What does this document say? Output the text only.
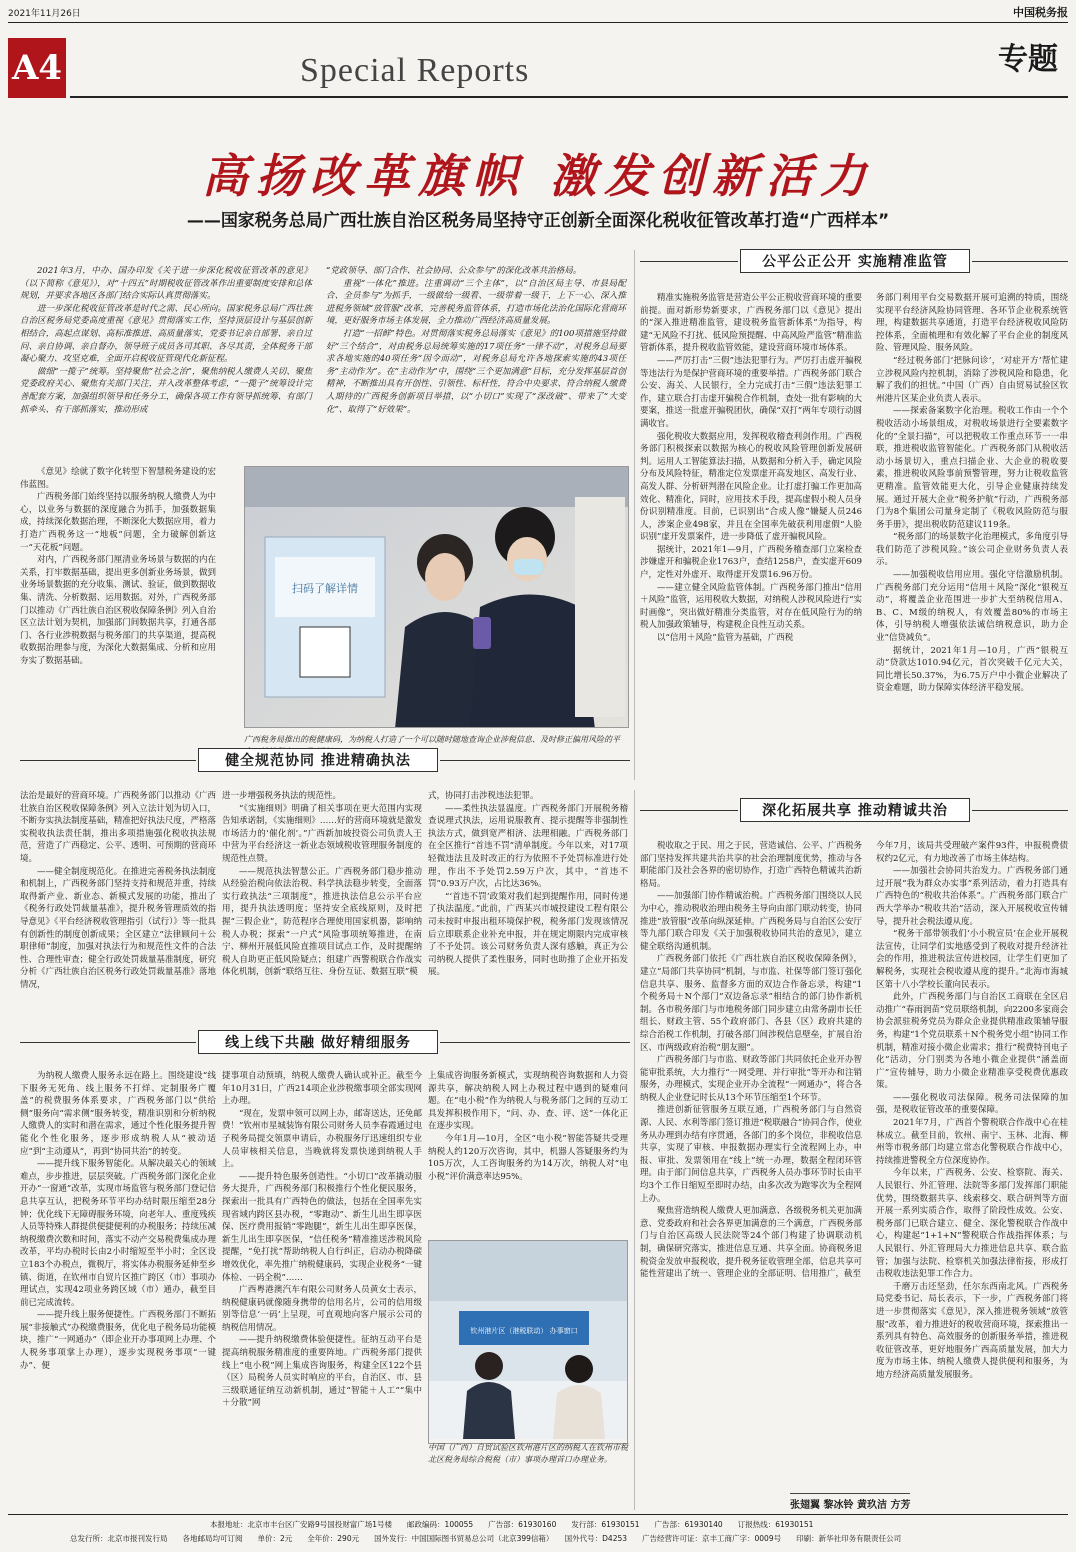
2021年11月26日	中国税务报
A4	Special Reports	专题
高扬改革旗帜 激发创新活力
——国家税务总局广西壮族自治区税务局坚持守正创新全面深化税收征管改革打造“广西样本”

2021年3月，中办、国办印发《关于进一步深化税收征管改革的意见》（以下简称《意见》），对“十四五”时期税收征管改革作出重要制度安排和总体规划，并要求各地区各部门结合实际认真贯彻落实。

进一步深化税收征管改革是时代之需、民心所向。国家税务总局广西壮族自治区税务局党委高度重视《意见》贯彻落实工作，坚持顶层设计与基层创新相结合，高起点谋划、高标准推进、高质量落实，党委书记亲自部署、亲自过问、亲自协调、亲自督办，领导班子成员各司其职、各尽其责，全体税务干部凝心聚力、攻坚克难，全面开启税收征管现代化新征程。

做细“一揽子”统筹。坚持聚焦“社会之治”，聚焦纳税人缴费人关切、聚焦党委政府关心、聚焦有关部门关注，并入改革整体考虑，“一揽子”统筹设计完善配套方案，加强组织领导和任务分工，确保各项工作有领导抓统筹、有部门抓牵头、有干部抓落实，推动形成

“党政领导、部门合作、社会协同、公众参与”的深化改革共治格局。

重视“一体化”推进。注重调动“三个主体”，以“自治区局主导、市县局配合、全员参与”为抓手，一级做给一级看、一级带着一级干，上下一心、深入推进税务领域“放管服”改革，完善税务监管体系，打造市场化法治化国际化营商环境，更好服务市场主体发展，全力推动广西经济高质量发展。

打造“一招鲜”特色。对贯彻落实税务总局落实《意见》的100项措施坚持做好“三个结合”，对由税务总局统筹实施的17项任务“一律不动”，对税务总局要求各地实施的40项任务“因令而动”，对税务总局允许各地探索实施的43项任务“主动作为”。在“主动作为”中，围绕“三个更加满意”目标，充分发挥基层首创精神，不断推出具有开创性、引领性、标杆性，符合中央要求、符合纳税人缴费人期待的广西税务创新项目举措，以“小切口”实现了“深改破”、带来了“大变化”、取得了“好效果”。

公平公正公开 实施精准监管

《意见》绘就了数字化转型下智慧税务建设的宏伟蓝图。

广西税务部门始终坚持以服务纳税人缴费人为中心，以业务与数据的深度融合为抓手，加强数据集成，持续深化数据治理，不断深化大数据应用，着力打造广西税务这一“地板”问题，全力破解创新这一“天花板”问题。

对内，广西税务部门厘清业务场景与数据的内在关系，打牢数据基础，提出更多创新业务场景，做到业务场景数据的充分收集、测试、验证，做到数据收集、清洗、分析数据、运用数据。对外，广西税务部门以推动《广西壮族自治区税收保障条例》列入自治区立法计划为契机，加强部门间数据共享，打通各部门、各行业涉税数据与税务部门的共享渠道，提高税收数据治理参与度，为深化大数据集成、分析和应用夯实了数据基础。

扫码了解详情
广西税务局推出的税健康码，为纳税人打造了一个可以随时随地查询企业涉税信息、及时修正偏用风险的平

精准实施税务监管是营造公平公正税收营商环境的重要前提。面对新形势新要求，广西税务部门以《意见》提出的“深入推进精准监管，建设税务监管新体系”为指导，构建“无风险不打扰、低风险预提醒、中高风险严监管”精准监管新体系，提升税收监管效能，建设营商环境市场体系。

——严厉打击“三假”违法犯罪行为。严厉打击虚开骗税等违法行为是保护营商环境的重要举措。广西税务部门联合公安、海关、人民银行，全力完成打击“三假”违法犯罪工作，建立联合打击虚开骗税合作机制，查处一批有影响的大要案，推送一批虚开骗税团伙，确保“双打”两年专项行动圆满收官。

强化税收大数据应用，发挥税收稽查利剑作用。广西税务部门积极探索以数据为核心的税收风险管理创新发展研判。运用人工智能算法扫描，从数据和分析入手，确定风险分布及风险特征，精准定位发票虚开高发地区、高发行业、高发人群、分析研判潜在风险企业。让打虚打骗工作更加高效化、精准化，同时，应用技术手段，提高虚假小税人员身份识别精准度。目前，已识别出“合成人像”嫌疑人员246人，涉案企业498家，并且在全国率先破获利用虚假“人脸识别”虚开发票案件，进一步降低了虚开骗税风险。

据统计，2021年1—9月，广西税务稽查部门立案检查涉嫌虚开和骗税企业1763户，查结1258户，查实虚开609户，定性对外虚开、取得虚开发票16.96万份。

——建立健全风险监管体制。广西税务部门推出“信用＋风险”监管，运用税收大数据，对纳税人涉税风险进行“实时画像”，突出做好精准分类监管，对存在低风险行为的纳税人加强政策辅导，构建税企良性互动关系。

以“信用＋风险”监管为基础，广西税

务部门利用平台交易数据开展可追溯的特质，围绕实现平台经济风险协同管理、各环节企业税系统管理，构建数据共享通道，打造平台经济税收风险防控体系，全面梳理和有效化解了平台企业的制度风险、管理风险、服务风险。

“经过税务部门‘把脉问诊’，‘对症开方’帮忙建立涉税风险内控机制，消除了涉税风险和隐患，化解了我们的担忧。”中国（广西）自由贸易试验区钦州港片区某企业负责人表示。

——探索备案数字化治理。税收工作由一个个税收活动小场景组成，对税收场景进行全要素数字化的“全景扫描”，可以把税收工作重点环节一一串联，推进税收监管智能化。广西税务部门从税收活动小场景切入，重点扫描企业、大企业的税收要素，推进税收风险事前预警管理，努力让税收监管更精准。监管效能更大化，引导企业健康持续发展。通过开展大企业“税务护航”行动，广西税务部门为8个集团公司量身定制了《税收风险防范与服务手册》，提出税收防范建议119条。

“税务部门的场景数字化治理模式，多角度引导我们防范了涉税风险。”该公司企业财务负责人表示。

——加强税收信用应用。强化守信激励机制。广西税务部门充分运用“信用＋风险”深化“银税互动”，将覆盖企业范围进一步扩大至纳税信用A、B、C、M级的纳税人，有效覆盖80%的市场主体，引导纳税人增强依法诚信纳税意识，助力企业“信贷减负”。

据统计，2021年1月—10月，广西“银税互动”贷款达1010.94亿元，首次突破千亿元大关，同比增长50.37%，为6.75万户中小微企业解决了资金难题，助力保障实体经济平稳发展。

健全规范协同 推进精确执法

法治是最好的营商环境。广西税务部门以推动《广西壮族自治区税收保障条例》列入立法计划为切入口，不断夯实执法制度基础，精准把好执法尺度，严格落实税收执法责任制，推出多项措施强化税收执法规范，营造了广西稳定、公平、透明、可预期的营商环境。

——健全制度规范化。在推进完善税务执法制度和机制上，广西税务部门坚持支持和规范并重，持续取得新产业、新业态、新模式发展的功能，推出了《税务行政处罚裁量基准》，提升税务管理质效的指导意见》《平台经济税收管理指引（试行）》等一批具有创新性的制度创新成果；全区建立“法律顾问＋公职律师”制度，加强对执法行为和规范性文件的合法性、合理性审查；健全行政处罚裁量基准制度，研究分析《广西壮族自治区税务行政处罚裁量基准》落地情况，

进一步增强税务执法的规范性。

“《实施细则》明确了相关事项在更大范围内实现告知承诺制，《实施细则》……好的营商环境就是激发市场活力的‘催化剂’。”广西新加坡投资公司负责人王中营为平台经济这一新业态领域税收管理服务制度的规范性点赞。

——规范执法智慧公正。广西税务部门稳步推动从经验治税向依法治税、科学执法稳步转变，全面落实行政执法“三项制度”，推进执法信息公示平台应用，提升执法透明度；坚持安全底线原则，及时把握“三假企业”，防范程序合理使用国家机器，影响纳税人办税；探索“一户式”风险事项统筹推进，在南宁、柳州开展低风险直推项目试点工作，及时提醒纳税人自助更正低风险疑点；组建广西警税联合作战实体化机制，创新“联络互往、身份互证、数据互联”模

式，协同打击涉税违法犯罪。

——柔性执法显温度。广西税务部门开展税务稽查说理式执法，运用说服教育、提示提醒等非强制性执法方式，做到宽严相济、法理相融。广西税务部门在全区推行“首违不罚”清单制度。今年以来，对17项轻微违法且及时改正的行为依照不予处罚标准进行处理，作出不予处罚2.59万户次，其中，“首违不罚”0.93万户次，占比达36%。

“‘首违不罚’政策对我们起到提醒作用，同时传递了执法温度。”此前，广西某兴市城投建设工程有限公司未按时申报出租环境保护税，税务部门发现该情况后立即联系企业补充申报，并在规定期限内完成审核了不予处罚。该公司财务负责人深有感触，真正为公司纳税人提供了柔性服务，同时也助推了企业开拓发展。

深化拓展共享 推动精诚共治

税收取之于民、用之于民，营造诚信、公平、广西税务部门坚持发挥共建共治共享的社会治理制度优势，推动与各职能部门及社会各界的密切协作，打造广西特色精诚共治新格局。

——加强部门协作精诚治税。广西税务部门围绕以人民为中心，推动税收治理由税务主导向由部门联动转变，协同推进“放管服”改革向纵深延伸。广西税务局与自治区公安厅等九部门联合印发《关于加强税收协同共治的意见》，建立健全联络沟通机制。

广西税务部门依托《广西壮族自治区税收保障条例》，建立“局部门共享协同”机制，与市监、社保等部门签订强化信息共享、服务、监督多方面的双边合作备忘录，构建“1个税务局＋N个部门”双边备忘录”相结合的部门协作新机制。各市税务部门与市地税务部门同步建立由常务副市长任组长、财政主管、55个政府部门、各县（区）政府共建的综合治税工作机制，打破各部门间涉税信息壁垒，扩展自治区、市两级政府治税“朋友圈”。

广西税务部门与市监、财政等部门共同依托企业开办智能审批系统，大力推行“一网受理、并行审批”等开办和注销服务，办理模式，实现企业开办全流程“一网通办”，将合各纳税人企业登记时长从13个环节压缩至1个环节。

推进创新征管服务互联互通，广西税务部门与自然资源、人民、水利等部门签订推进“税联融合”协同合作，使业务从办理到办结有序贯通，各部门的多个岗位，非税收信息共享，实现了审核、申报数据办理实行全流程网上办，申报、审批、发票领用在“线上”统一办理，数据全程闭环管理。由于部门间信息共享，广西税务人员办事环节时长由平均3个工作日缩短至即时办结，由多次改为跑零次为全程网上办。

聚焦营造纳税人缴费人更加满意、各级税务机关更加满意、党委政府和社会各界更加满意的三个满意，广西税务部门与自治区高级人民法院等24个部门构建了协调联动机制，确保研究落实，推进信息互通、共享全面。协商税务退税资金发放申报税收，提升税务征收管理全部，信息共享可能性营建出了统一、管理企业的全部证明、信用推广，截至

今年7月，该局共受理破产案件93件，申报税费债权约2亿元，有力地改善了市场主体结构。

——加强社会协同共治发力。广西税务部门通过开展“我为群众办实事”系列活动，着力打造具有广西特色的“税收共治体系”。广西税务部门联合广西大学举办“税收共治”活动，深入开展税收宣传辅导，提升社会税法遵从度。

“税务干部带领我们‘小小税宣员’在企业开展税法宣传，让同学们实地感受到了税收对提升经济社会的作用，推进税法宣传进校园，让学生们更加了解税务，实现社会税收遵从度的提升。”北海市海城区第十八小学校长董向民表示。

此外，广西税务部门与自治区工商联在全区启动推广“春雨润苗”党员联络机制，向2200多家商会协会派驻税务党员为群众企业提供精准政策辅导服务，构建“1个党员联系＋N个税务党小组”协同工作机制，精准对接小微企业需求；推行“税费特刊电子化”活动，分门别类为各地小微企业提供“涵盖面广”宣传辅导，助力小微企业精准享受税费优惠政策。

——强化税收司法保障。税务司法保障的加强，是税收征管改革的重要保障。

2021年7月，广西首个警税联合作战中心在桂林成立。截至目前，钦州、南宁、玉林、北海、柳州等市税务部门均建立常态化警税联合作战中心，持续推进警税全方位深度协作。

今年以来，广西税务、公安、检察院、海关、人民银行、外汇管理、法院等多部门发挥部门职能优势，围绕数据共享、线索移交、联合研判等方面开展一系列实质合作，取得了阶段性成效。公安、税务部门已联合建立、健全、深化警税联合作战中心，构建起“1+1+N”警税联合作战指挥体系；与人民银行、外汇管理局大力推进信息共享、联合监管；加强与法院、检察机关加强法律衔接，形成打击税收违法犯罪工作合力。

千磨万击还坚劲，任尔东西南北风。广西税务局党委书记、局长表示，下一步，广西税务部门将进一步贯彻落实《意见》，深入推进税务领域“放管服”改革，着力推进好的税收营商环境，探索推出一系列具有特色、高效服务的创新服务举措，推进税收征管改革，更好地服务广西高质量发展，加大力度为市场主体、纳税人缴费人提供便利和服务，为地方经济高质量发展服务。

线上线下共融 做好精细服务

为纳税人缴费人服务永远在路上。围绕建设“线下服务无死角、线上服务不打烊、定制服务广覆盖”的税费服务体系要求，广西税务部门以“供给侧”服务向“需求侧”服务转变，精准识别和分析纳税人缴费人的实时和潜在需求，通过个性化服务提升智能化个性化服务，逐步形成纳税人从“被动适应”到“主动遵从”，再到“协同共治”的转变。

——提升线下服务智能化。从解决最关心的领域难点，步步推进，层层突破。广西税务部门深化企业开办“一窗通”改革，实现市场监管与税务部门登记信息共享互认，把税务环节平均办结时限压缩至28分钟；优化线下无障碍服务环境，向老年人、重度残疾人员等特殊人群提供便捷便利的办税服务；持续压减纳税缴费次数和时间，落实不动产交易税费集成办理改革，平均办税时长由2小时缩短至半小时；全区设立183个办税点，微税厅，将实体办税服务延伸至乡镇、街道，在钦州市自贸片区推广跨区（市）事项办理试点，实现42项业务跨区域（市）通办，截至目前已完成流转。

——提升线上服务便捷性。广西税务部门不断拓展“非接触式”办税缴费服务，优化电子税务局功能模块，推广“一网通办”（即企业开办事项网上办理、个人税务事项掌上办理），逐步实现税务事项“一键办”、便

捷事项自动预填，纳税人缴费人确认或补正。截至今年10月31日，广西214项企业涉税缴事项全部实现网上办理。

“现在，发票申领可以网上办，邮寄送达，还免邮费！”钦州市星城装饰有限公司财务人员李春霞通过电子税务局提交领票申请后，办税服务厅迅速组织专业人员审核相关信息，当晚就将发票快递到纳税人手上。

——提升特色服务创造性。“小切口”改革撬动服务大提升，广西税务部门积极推行个性化便民服务，探索出一批具有广西特色的做法，包括在全国率先实现省域内跨区县办税，“零跑动”、新生儿出生即享医保、医疗费用报销“零跑腿”，新生儿出生即享医保，新生儿出生即享医保，“信任税务”精准推送涉税风险提醒，“免打扰”帮助纳税人自行纠正，启动办税降碳增效优化，率先推广纳税健康码，实现企业税务“一键体检、一码全税”……

广西粤港澳汽车有限公司财务人员黄女士表示，纳税健康码就像随身携带的信用名片，公司的信用级别等信息‘一码’上呈现，可直观地向客户展示公司的纳税信用情况。

——提升纳税缴费体验便捷性。征纳互动平台是提高纳税服务精准度的重要阵地。广西税务部门提供线上“电小税”网上集成咨询服务，构建全区122个县（区）局税务人员实时响应的平台，自治区、市、县三级联通征纳互动新机制，通过“智能＋人工”“集中＋分散”网

上集成咨询服务新模式，实现纳税咨询数据和人力资源共享，解决纳税人网上办税过程中遇到的疑难问题。在“电小税”作为纳税人与税务部门之间的互动工具发挥积极作用下，“问、办、查、评、送”一体化正在逐步实现。

今年1月—10月，全区“电小税”智能答疑共受理纳税人约120万次咨询，其中，机器人答疑服务约为105万次，人工咨询服务约为14万次，纳税人对“电小税”评价满意率达95%。

钦州港片区（港税联动） 办事窗口
中国（广西）自贸试验区钦州港片区的纳税人在钦州市税北区税务局综合税税（市）事项办理首口办理业务。
张翅翼 黎冰铃 黄玖洁 方芳
本报地址：北京市丰台区广安路9号国投财富广场1号楼　　邮政编码：100055　　广告部：61930160　　发行部：61930151　　广告部：61930140　　订报热线：61930151
总发行所：北京市报刊发行局　　各地邮局均可订阅　　单价：2元　　全年价：290元　　国外发行：中国国际图书贸易总公司（北京399信箱）　　国外代号：D4253　　广告经营许可证：京丰工商广字：0009号　　印刷：新华社印务有限责任公司
